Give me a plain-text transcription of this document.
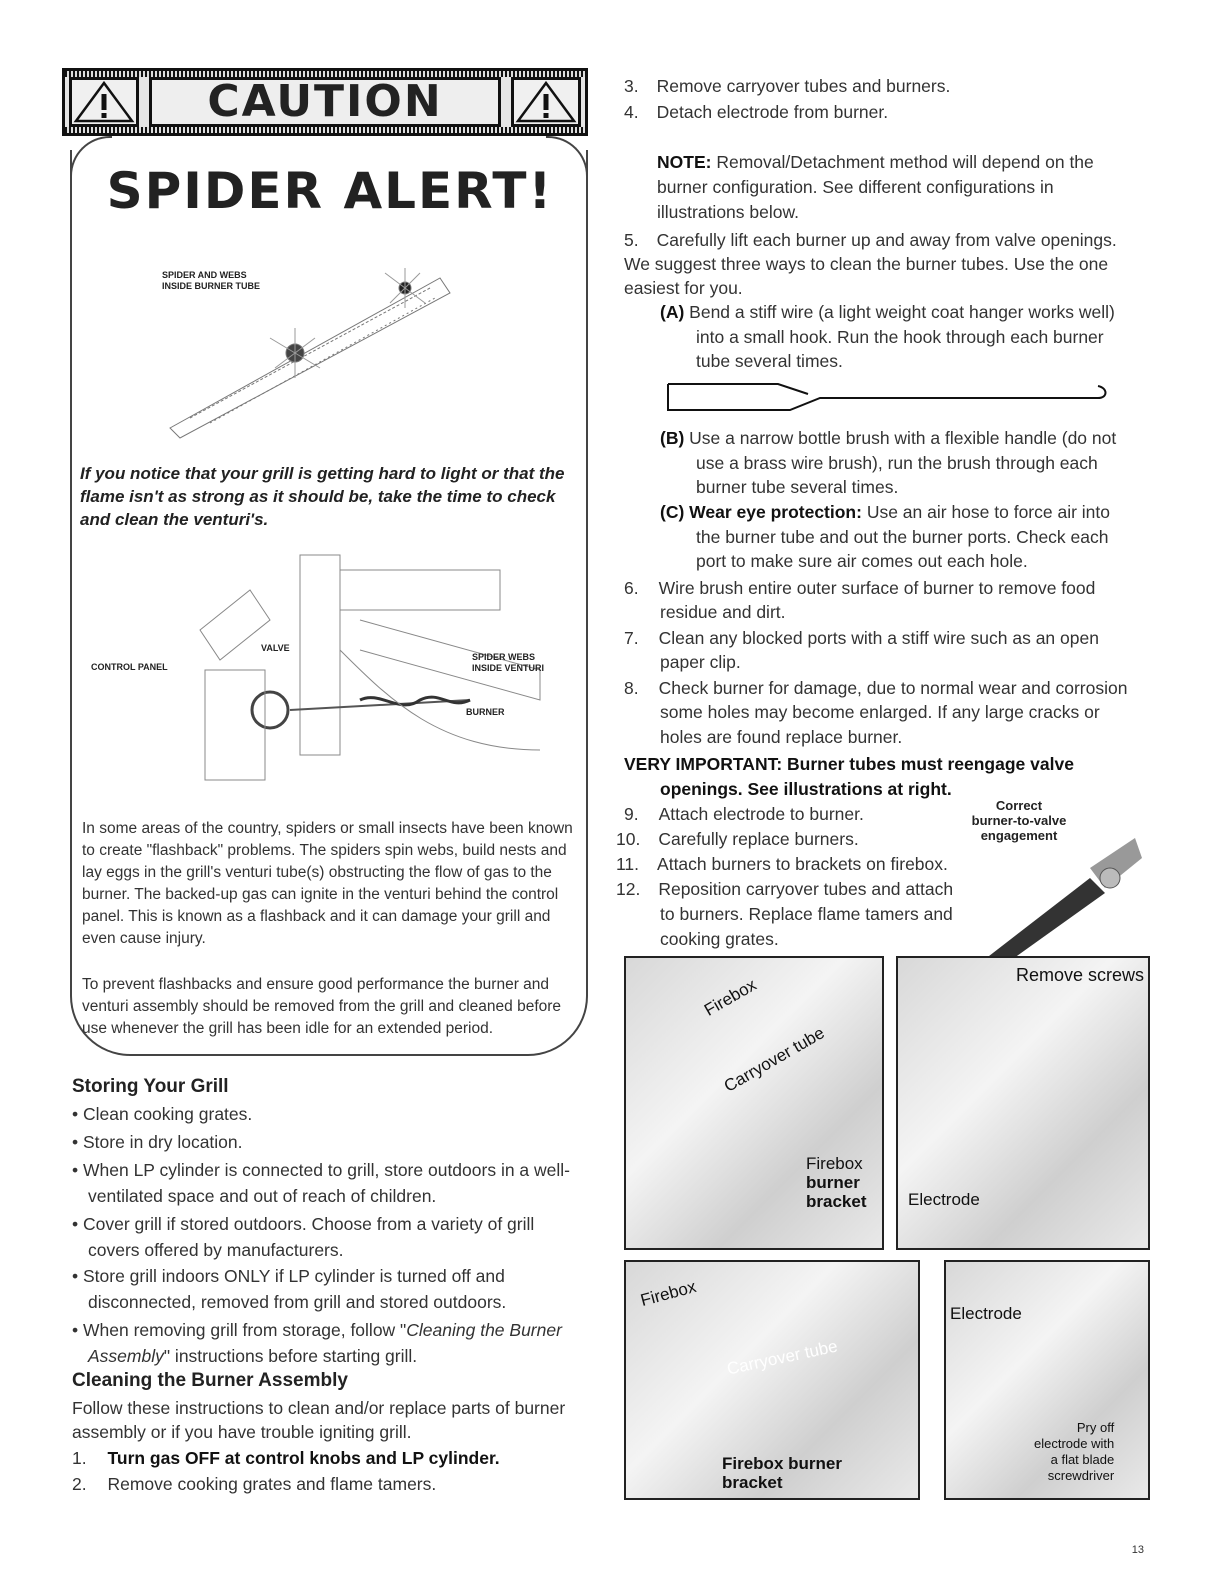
CAUTION
SPIDER ALERT!
SPIDER AND WEBS
INSIDE BURNER TUBE
If you notice that your grill is getting hard to light or that the flame isn't as strong as it should be, take the time to check and clean the venturi's.
CONTROL PANEL
VALVE
SPIDER WEBS
INSIDE VENTURI
BURNER
In some areas of the country, spiders or small insects have been known to create "flashback" problems. The spiders spin webs, build nests and lay eggs in the grill's venturi tube(s) obstructing the flow of gas to the burner. The backed-up gas can ignite in the venturi behind the control panel. This is known as a flashback and it can damage your grill and even cause injury.
To prevent flashbacks and ensure good performance the burner and venturi assembly should be removed from the grill and cleaned before use whenever the grill has been idle for an extended period.
Storing Your Grill
• Clean cooking grates.
• Store in dry location.
• When LP cylinder is connected to grill, store outdoors in a well-
ventilated space and out of reach of children.
• Cover grill if stored outdoors. Choose from a variety of grill
covers offered by manufacturers.
• Store grill indoors ONLY if LP cylinder is turned off and
disconnected, removed from grill and stored outdoors.
• When removing grill from storage, follow "Cleaning the Burner
Assembly" instructions before starting grill.
Cleaning the Burner Assembly
Follow these instructions to clean and/or replace parts of burner
assembly or if you have trouble igniting grill.
1. Turn gas OFF at control knobs and LP cylinder.
2. Remove cooking grates and flame tamers.
3. Remove carryover tubes and burners.
4. Detach electrode from burner.
NOTE: Removal/Detachment method will depend on the
burner configuration. See different configurations in
illustrations below.
5. Carefully lift each burner up and away from valve openings.
We suggest three ways to clean the burner tubes. Use the one
easiest for you.
(A) Bend a stiff wire (a light weight coat hanger works well)
into a small hook. Run the hook through each burner
tube several times.
(B) Use a narrow bottle brush with a flexible handle (do not
use a brass wire brush), run the brush through each
burner tube several times.
(C) Wear eye protection: Use an air hose to force air into
the burner tube and out the burner ports. Check each
port to make sure air comes out each hole.
6. Wire brush entire outer surface of burner to remove food
residue and dirt.
7. Clean any blocked ports with a stiff wire such as an open
paper clip.
8. Check burner for damage, due to normal wear and corrosion
some holes may become enlarged. If any large cracks or
holes are found replace burner.
VERY IMPORTANT: Burner tubes must reengage valve
openings. See illustrations at right.
Correct
burner-to-valve
engagement
9. Attach electrode to burner.
10. Carefully replace burners.
11. Attach burners to brackets on firebox.
12. Reposition carryover tubes and attach
to burners. Replace flame tamers and
cooking grates.
Firebox
Carryover tube
Firebox
burner
bracket
Remove screws
Electrode
Firebox
Carryover tube
Firebox burner
bracket
Electrode
Pry off
electrode with
a flat blade
screwdriver
13
